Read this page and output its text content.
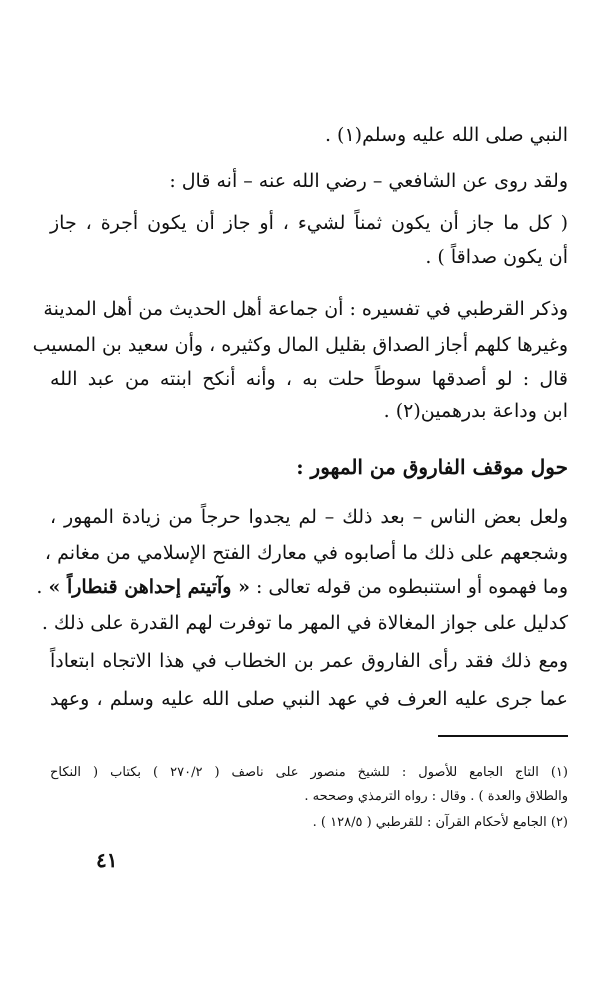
النبي صلى الله عليه وسلم(١) .
ولقد روى عن الشافعي – رضي الله عنه – أنه قال :
( كل ما جاز أن يكون ثمناً لشيء ، أو جاز أن يكون أجرة ، جاز
أن يكون صداقاً ) .
وذكر القرطبي في تفسيره : أن جماعة أهل الحديث من أهل المدينة
وغيرها كلهم أجاز الصداق بقليل المال وكثيره ، وأن سعيد بن المسيب
قال : لو أصدقها سوطاً حلت به ، وأنه أنكح ابنته من عبد الله
ابن وداعة بدرهمين(٢) .
حول موقف الفاروق من المهور :
ولعل بعض الناس – بعد ذلك – لم يجدوا حرجاً من زيادة المهور ،
وشجعهم على ذلك ما أصابوه في معارك الفتح الإسلامي من مغانم ،
وما فهموه أو استنبطوه من قوله تعالى : « وآتيتم إحداهن قنطاراً » .
كدليل على جواز المغالاة في المهر ما توفرت لهم القدرة على ذلك .
ومع ذلك فقد رأى الفاروق عمر بن الخطاب في هذا الاتجاه ابتعاداً
عما جرى عليه العرف في عهد النبي صلى الله عليه وسلم ، وعهد
(١) التاج الجامع للأصول : للشيخ منصور على ناصف ( ٢٧٠/٢ ) بكتاب ( النكاح
والطلاق والعدة ) . وقال : رواه الترمذي وصححه .
(٢) الجامع لأحكام القرآن : للقرطبي ( ١٢٨/٥ ) .
٤١
